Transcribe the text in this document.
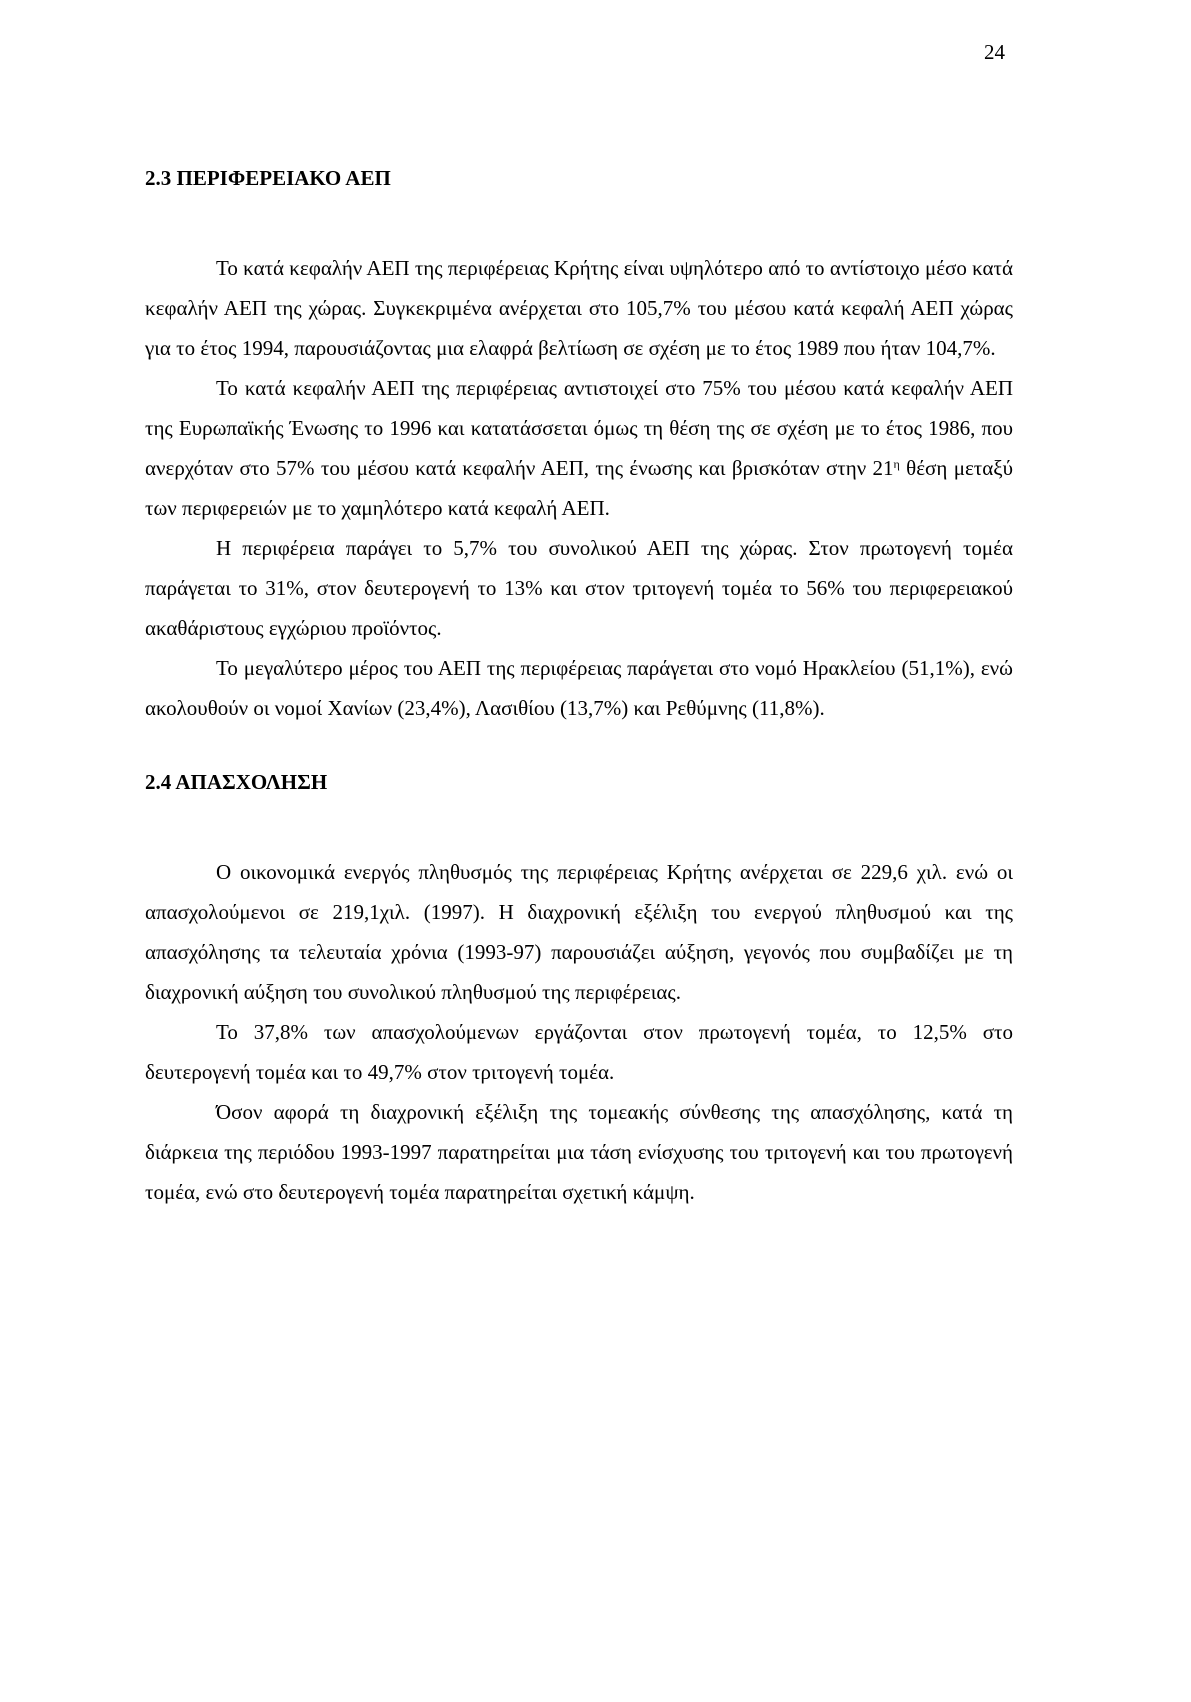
24
2.3 ΠΕΡΙΦΕΡΕΙΑΚΟ ΑΕΠ

Το κατά κεφαλήν ΑΕΠ της περιφέρειας Κρήτης είναι υψηλότερο από το αντίστοιχο μέσο κατά κεφαλήν ΑΕΠ της χώρας. Συγκεκριμένα ανέρχεται στο 105,7% του μέσου κατά κεφαλή ΑΕΠ χώρας για το έτος 1994, παρουσιάζοντας μια ελαφρά βελτίωση σε σχέση με το έτος 1989 που ήταν 104,7%.

Το κατά κεφαλήν ΑΕΠ της περιφέρειας αντιστοιχεί στο 75% του μέσου κατά κεφαλήν ΑΕΠ της Ευρωπαϊκής Ένωσης το 1996 και κατατάσσεται όμως τη θέση της σε σχέση με το έτος 1986, που ανερχόταν στο 57% του μέσου κατά κεφαλήν ΑΕΠ, της ένωσης και βρισκόταν στην $21^\eta$ θέση μεταξύ των περιφερειών με το χαμηλότερο κατά κεφαλή ΑΕΠ.

Η περιφέρεια παράγει το 5,7% του συνολικού ΑΕΠ της χώρας. Στον πρωτογενή τομέα παράγεται το 31%, στον δευτερογενή το 13% και στον τριτογενή τομέα το 56% του περιφερειακού ακαθάριστους εγχώριου προϊόντος.

Το μεγαλύτερο μέρος του ΑΕΠ της περιφέρειας παράγεται στο νομό Ηρακλείου (51,1%), ενώ ακολουθούν οι νομοί Χανίων (23,4%), Λασιθίου (13,7%) και Ρεθύμνης (11,8%).

2.4 ΑΠΑΣΧΟΛΗΣΗ

Ο οικονομικά ενεργός πληθυσμός της περιφέρειας Κρήτης ανέρχεται σε 229,6 χιλ. ενώ οι απασχολούμενοι σε 219,1χιλ. (1997). Η διαχρονική εξέλιξη του ενεργού πληθυσμού και της απασχόλησης τα τελευταία χρόνια (1993-97) παρουσιάζει αύξηση, γεγονός που συμβαδίζει με τη διαχρονική αύξηση του συνολικού πληθυσμού της περιφέρειας.

Το 37,8% των απασχολούμενων εργάζονται στον πρωτογενή τομέα, το 12,5% στο δευτερογενή τομέα και το 49,7% στον τριτογενή τομέα.

Όσον αφορά τη διαχρονική εξέλιξη της τομεακής σύνθεσης της απασχόλησης, κατά τη διάρκεια της περιόδου 1993-1997 παρατηρείται μια τάση ενίσχυσης του τριτογενή και του πρωτογενή τομέα, ενώ στο δευτερογενή τομέα παρατηρείται σχετική κάμψη.
